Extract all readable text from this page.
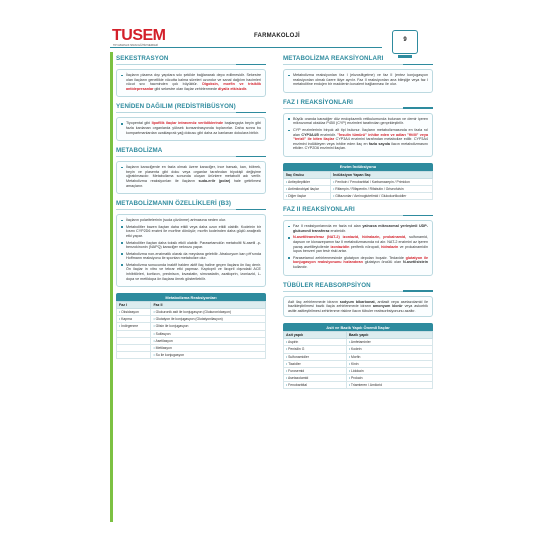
TUSEM
TIP UZMANLIK SINAVI EĞİTİM MERKEZİ
FARMAKOLOJİ
9
SEKESTRASYON
İlaçların plazma dışı yapılara sıkı şekilde bağlanarak depo edilmesidir. Sekestre olan ilaçların genellikle vücutta kalma süreleri uzundur ve sanal dağılım hacimleri vücut sıvı hacminden çok büyüktür. Digoksin, morfin ve trisiklik antidepresanlar gibi sekestre olan ilaçlar zehirlenmede diyaliz etkisizdir.
YENİDEN DAĞILIM (REDİSTRİBÜSYON)
Tiyopental gibi lipofilik ilaçlar intravenöz verildiklerinde başlangıçta beyin gibi fazla kanlanan organlarda yüksek konsantrasyonda toplanırlar. Daha sonra bu kompartmanlardan uzaklaşırak yağ dokusu gibi daha az kanlanan dokulara birikir.
METABOLİZMA
İlaçların karaciğerde en fazla olmak üzere karaciğer, ince barsak, kan, böbrek, beyin ve plasenta gibi doku veya organlar tarafından biyokişli değişime uğratılmasıdır. Metabolizma sonunda oluşan ürünlere metabolit adı verilir. Metabolizma reaksiyonları ile ilaçların suda-eriir (polar) hale getirilmesi amaçlanır.
METABOLİZMANIN ÖZELLİKLERİ (B3)
İlaçların polaritelerinin (suda çözünme) artmasına neden olur.
Metabolitler bazen ilaçtan daha etkili veya daha uzun etkili olabilir. Kodeinin bir kısmı CYP2D6 enzimi ile morfine dönüşür; morfin kodeinden daha güçlü analjezik etki yapar.
Metabolitler ilaçtan daha toksik etkili olabilir. Parasetamolün metaboliti N-asetil -p-benzokinonin (NAPQ) karaciğer nekrozu yapar.
Metabolizma non-enzimatik olarak da meydana gelebilir. Atrakuryum kan pH'sında Hoffmann reaksiyonu ile spontan metabolize olur.
Metabolizma sonucunda inaktif halden aktif ilaç haline geçen ilaçlara ön ilaç denir. Ön ilaçlar in vitro ve tekrar etki yapmaz. Kaptopril ve lizopril dışındaki ACE inhibitörleri, kortizon, prednison, lovastatin, simvastatin, azatioprin, izoniazid, L-dopa ve metildopa ön ilaçlara örnek gösterilebilir.
Metabolizma Reaksiyonları
Faz I	Faz II
• Oksidasyon	• Glukuronik asit ile konjugasyon (Glukuronidasyon)
• Kapma	• Glutatyon ile konjugasyon (Glutatyonilasyon)
• İndirgenme	• Glisin ile konjugasyon
	• Sulfasyon
	• Asetilasyon
	• Metilasyon
	• Su ile konjugasyon
METABOLİZMA REAKSİYONLARI
Metabolizma reaksiyonları faz I (ekzoslitgelme) ve faz II (entez konjugasyon reaksiyonları olmak üzere ikiye ayrılır. Faz II reaksiyonları ana bileşiğe veya faz I metabolitine endojen bir maddenin kovalent bağlanması ile olur.
FAZ I REAKSİYONLARI
Büyük oranda karaciğer düz endoplazmik retikulumunda bulunan ve demir içeren mikrozomal oksidaz P450 (CYP) enzimleri tarafından gerçekleştirilir.
CYP enzimlerinin birçok alt tipi bulunur. İlaçların metabolizmasında en fazla rol alan CYP3A4/5 enzimidir. "İnsulin tümürü" inhibe eden ve adları "fitilli" veya "terizli" ile biten ilaçlar CYP3A4 enzimini tarafından metabolize edilir. CYP3A4 enzimini indükleyen veya inhibe eden ilaç en fazla sayıda ilacın metabolizmasını etkiler. CYP2D6 enzimini ilaçları.
Enzim İndüksiyonu
İlaç Grubu	İndüksiyon Yapan İlaç
• Antiepileptikler	• Fenitoin / Fenobarbital / Karbamazepin / Primidon
• Antimikrobiyal ilaçlar	• Rifampin / Rifapentin / Rifabutin / Griseofulvin
• Diğer ilaçlar	• Glitazonlar / Aminoglutetimid / Glukokortikoidler
FAZ II REAKSİYONLARI
Faz II reaksiyonlarında en fazla rol alan yalnızca mikrozomal yerleşimli UDP-glukuronil transferaz enzimidir.
N-asetiltransferaz (NAT-2) izoniazid, hidralazin, prokainamid, sulfonamid, dapson ve klonazepamın faz II metabolizmasında rol alır. NAT-2 enzimini az işeren yavaş asetilleyicilerde izoniazidin periferik nöropati, hidralazin ve prokainamidin lupus benzeri yan tesir riski artar.
Parasetamol zehirlenmesinde glutatyon depoları boşalır. Tedavide glutatyon ile konjugasyon reaksiyonunu hızlandıran glutatyon öncülü olan N-asetilsistein kullanılır.
TÜBÜLER REABSORPSİYON
Asit ilaç zehirlenmede idrarın sodyum bikarbonat, antiasit veya asetazolamid ile bazikleştirilmesi bazik ilaçla zehirlenmede idrarın amonyum klorür veya askorbik asitle asitleştirilmesi zehirlenme riskine ilacın tübuler reabsorbsiyonunu azaltır.
Asit ve Bazik Yapılı Önemli İlaçlar
Asit yapılı	Bazik yapılı
• Aspirin	• Amfetaminler
• Penisilin G	• Kodein
• Sulfonamidler	• Morfin
• Tiazidler	• Kinin
• Furosemid	• Lidokain
• Asetazolamid	• Prokain
• Fenobarbital	• Triamteren / Amilorid
